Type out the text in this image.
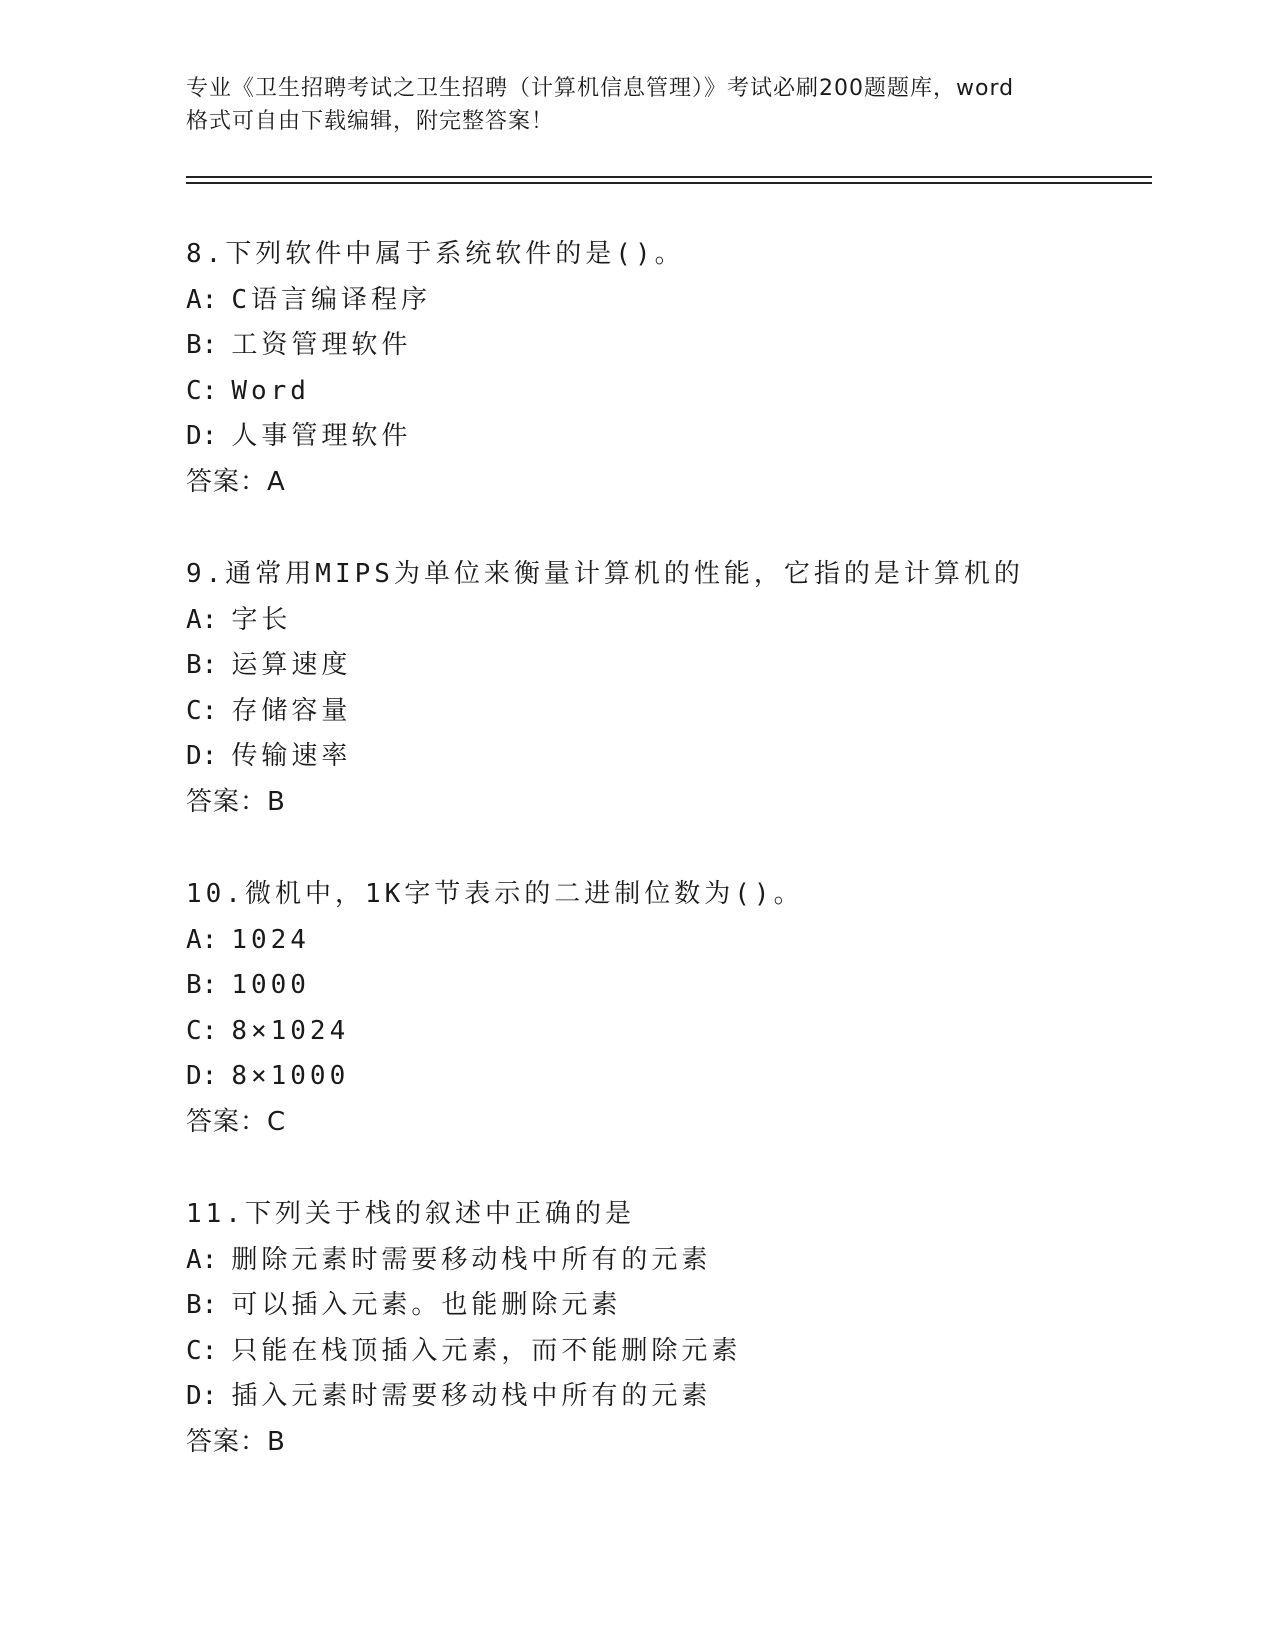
专业《卫生招聘考试之卫生招聘（计算机信息管理）》考试必刷200题题库，word
格式可自由下载编辑，附完整答案！
8.下列软件中属于系统软件的是()。
A: C语言编译程序
B: 工资管理软件
C: Word
D: 人事管理软件
答案：A
9.通常用MIPS为单位来衡量计算机的性能，它指的是计算机的
A: 字长
B: 运算速度
C: 存储容量
D: 传输速率
答案：B
10.微机中，1K字节表示的二进制位数为()。
A: 1024
B: 1000
C: 8×1024
D: 8×1000
答案：C
11.下列关于栈的叙述中正确的是
A: 删除元素时需要移动栈中所有的元素
B: 可以插入元素。也能删除元素
C: 只能在栈顶插入元素，而不能删除元素
D: 插入元素时需要移动栈中所有的元素
答案：B
